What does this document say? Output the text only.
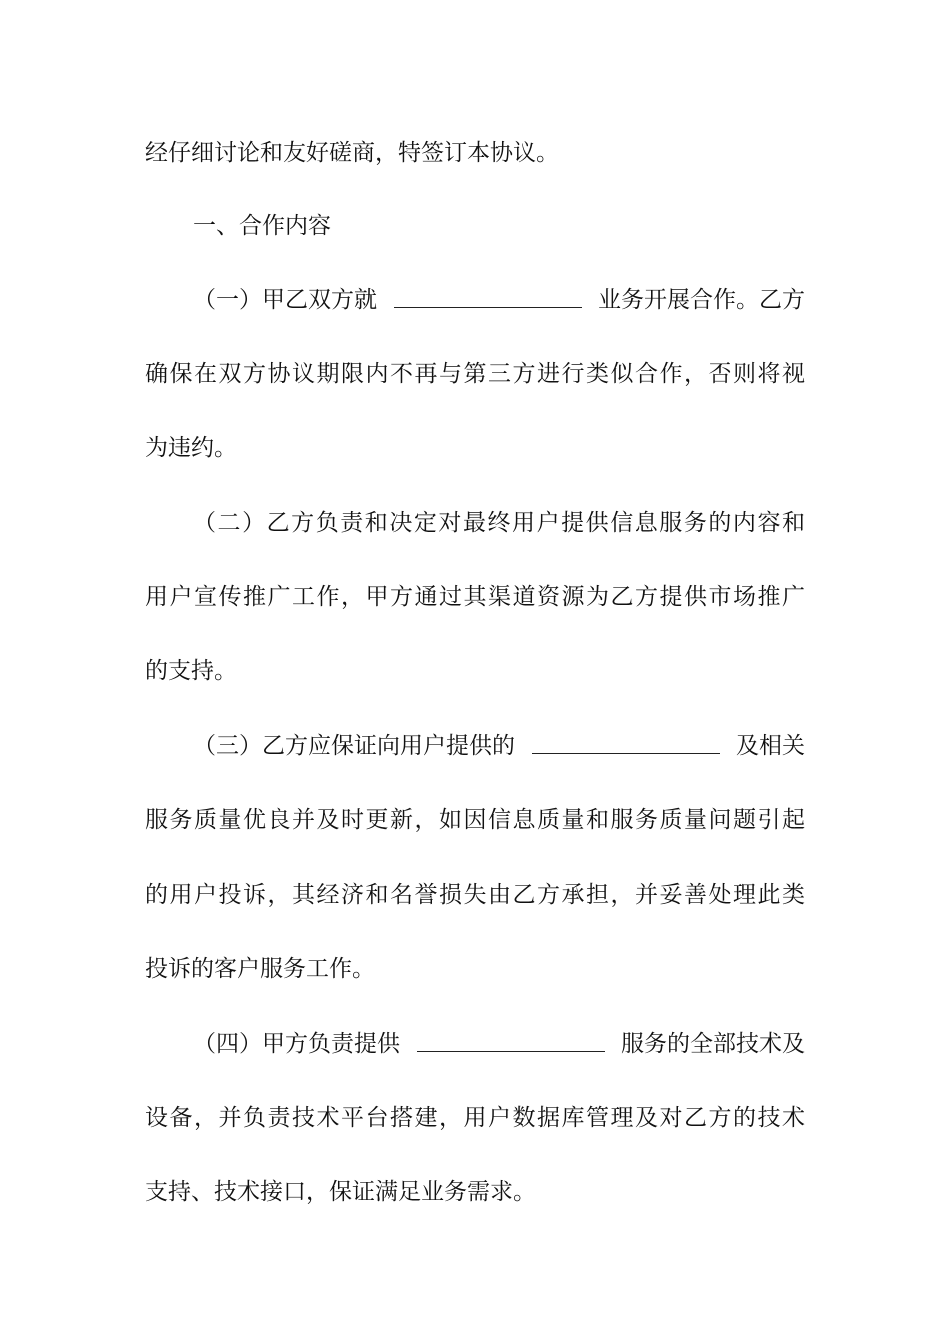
经仔细讨论和友好磋商，特签订本协议。
一、合作内容
（一）甲乙双方就	业务开展合作。乙方
确保在双方协议期限内不再与第三方进行类似合作，否则将视
为违约。
（二）乙方负责和决定对最终用户提供信息服务的内容和
用户宣传推广工作，甲方通过其渠道资源为乙方提供市场推广
的支持。
（三）乙方应保证向用户提供的	及相关
服务质量优良并及时更新，如因信息质量和服务质量问题引起
的用户投诉，其经济和名誉损失由乙方承担，并妥善处理此类
投诉的客户服务工作。
（四）甲方负责提供	服务的全部技术及
设备，并负责技术平台搭建，用户数据库管理及对乙方的技术
支持、技术接口，保证满足业务需求。
